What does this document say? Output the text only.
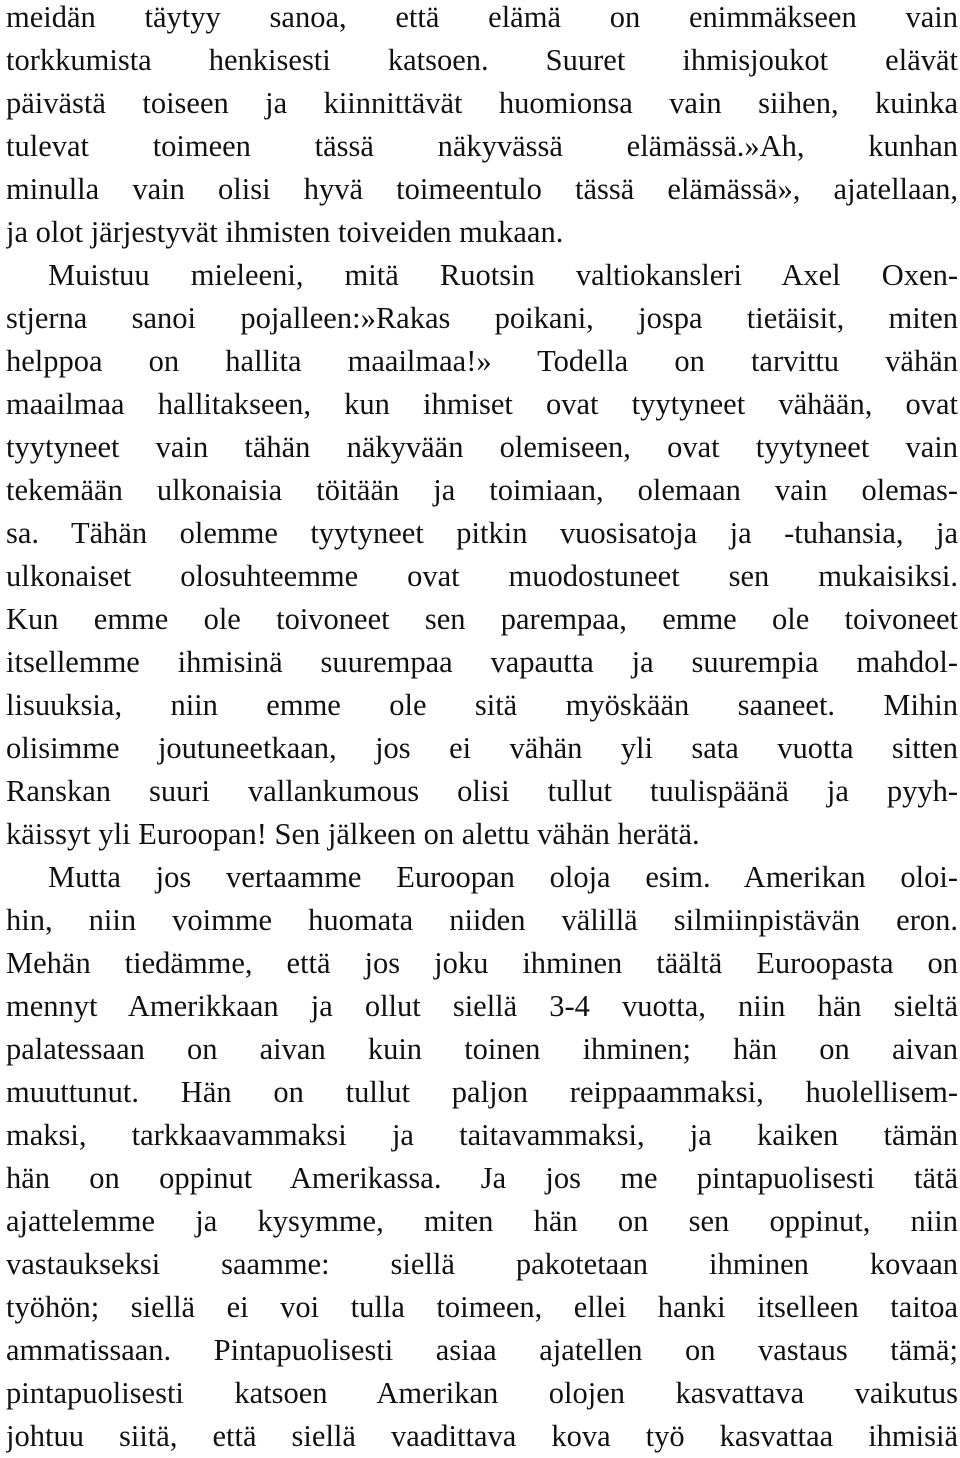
meidän täytyy sanoa, että elämä on enimmäkseen vain
torkkumista henkisesti katsoen. Suuret ihmisjoukot elävät
päivästä toiseen ja kiinnittävät huomionsa vain siihen, kuinka
tulevat toimeen tässä näkyvässä elämässä.»Ah, kunhan
minulla vain olisi hyvä toimeentulo tässä elämässä», ajatellaan,
ja olot järjestyvät ihmisten toiveiden mukaan.
Muistuu mieleeni, mitä Ruotsin valtiokansleri Axel Oxen-
stjerna sanoi pojalleen:»Rakas poikani, jospa tietäisit, miten
helppoa on hallita maailmaa!» Todella on tarvittu vähän
maailmaa hallitakseen, kun ihmiset ovat tyytyneet vähään, ovat
tyytyneet vain tähän näkyvään olemiseen, ovat tyytyneet vain
tekemään ulkonaisia töitään ja toimiaan, olemaan vain olemas-
sa. Tähän olemme tyytyneet pitkin vuosisatoja ja -tuhansia, ja
ulkonaiset olosuhteemme ovat muodostuneet sen mukaisiksi.
Kun emme ole toivoneet sen parempaa, emme ole toivoneet
itsellemme ihmisinä suurempaa vapautta ja suurempia mahdol-
lisuuksia, niin emme ole sitä myöskään saaneet. Mihin
olisimme joutuneetkaan, jos ei vähän yli sata vuotta sitten
Ranskan suuri vallankumous olisi tullut tuulispäänä ja pyyh-
käissyt yli Euroopan! Sen jälkeen on alettu vähän herätä.
Mutta jos vertaamme Euroopan oloja esim. Amerikan oloi-
hin, niin voimme huomata niiden välillä silmiinpistävän eron.
Mehän tiedämme, että jos joku ihminen täältä Euroopasta on
mennyt Amerikkaan ja ollut siellä 3-4 vuotta, niin hän sieltä
palatessaan on aivan kuin toinen ihminen; hän on aivan
muuttunut. Hän on tullut paljon reippaammaksi, huolellisem-
maksi, tarkkaavammaksi ja taitavammaksi, ja kaiken tämän
hän on oppinut Amerikassa. Ja jos me pintapuolisesti tätä
ajattelemme ja kysymme, miten hän on sen oppinut, niin
vastaukseksi saamme: siellä pakotetaan ihminen kovaan
työhön; siellä ei voi tulla toimeen, ellei hanki itselleen taitoa
ammatissaan. Pintapuolisesti asiaa ajatellen on vastaus tämä;
pintapuolisesti katsoen Amerikan olojen kasvattava vaikutus
johtuu siitä, että siellä vaadittava kova työ kasvattaa ihmisiä
